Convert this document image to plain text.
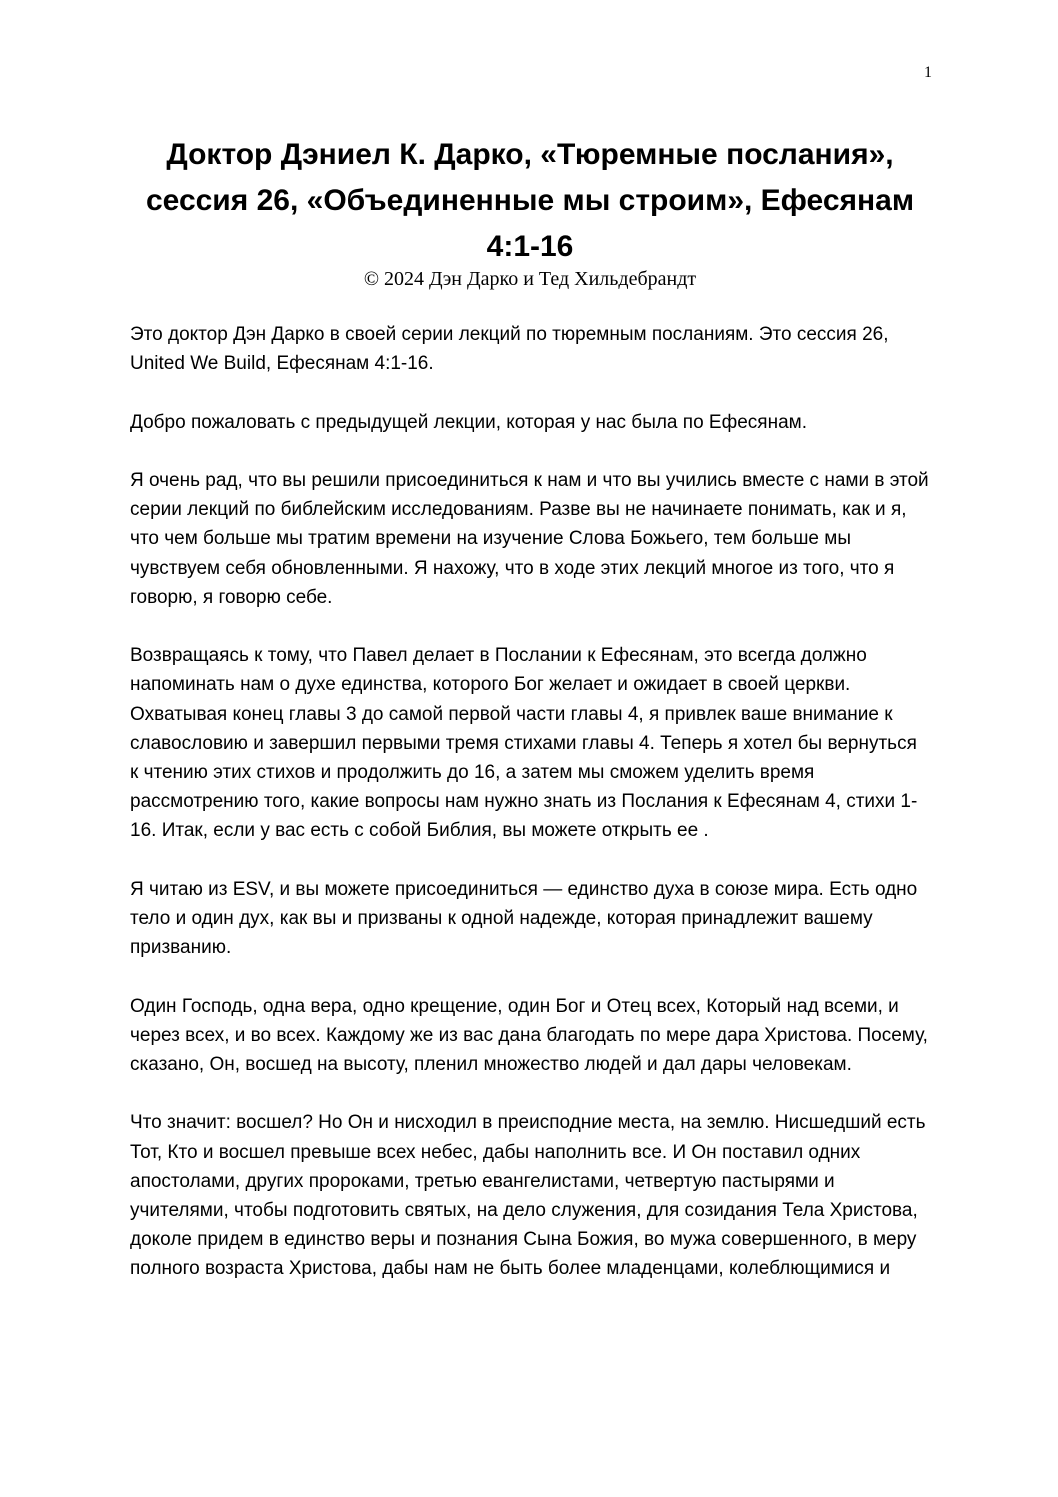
1
Доктор Дэниел К. Дарко, «Тюремные послания», сессия 26, «Объединенные мы строим», Ефесянам 4:1-16
© 2024 Дэн Дарко и Тед Хильдебрандт

Это доктор Дэн Дарко в своей серии лекций по тюремным посланиям. Это сессия 26, United We Build, Ефесянам 4:1-16.

Добро пожаловать с предыдущей лекции, которая у нас была по Ефесянам.

Я очень рад, что вы решили присоединиться к нам и что вы учились вместе с нами в этой серии лекций по библейским исследованиям. Разве вы не начинаете понимать, как и я, что чем больше мы тратим времени на изучение Слова Божьего, тем больше мы чувствуем себя обновленными. Я нахожу, что в ходе этих лекций многое из того, что я говорю, я говорю себе.

Возвращаясь к тому, что Павел делает в Послании к Ефесянам, это всегда должно напоминать нам о духе единства, которого Бог желает и ожидает в своей церкви. Охватывая конец главы 3 до самой первой части главы 4, я привлек ваше внимание к славословию и завершил первыми тремя стихами главы 4. Теперь я хотел бы вернуться к чтению этих стихов и продолжить до 16, а затем мы сможем уделить время рассмотрению того, какие вопросы нам нужно знать из Послания к Ефесянам 4, стихи 1-16. Итак, если у вас есть с собой Библия, вы можете открыть ее .

Я читаю из ESV, и вы можете присоединиться — единство духа в союзе мира. Есть одно тело и один дух, как вы и призваны к одной надежде, которая принадлежит вашему призванию.

Один Господь, одна вера, одно крещение, один Бог и Отец всех, Который над всеми, и через всех, и во всех. Каждому же из вас дана благодать по мере дара Христова. Посему, сказано, Он, восшед на высоту, пленил множество людей и дал дары человекам.

Что значит: восшел? Но Он и нисходил в преисподние места, на землю. Нисшедший есть Тот, Кто и восшел превыше всех небес, дабы наполнить все. И Он поставил одних апостолами, других пророками, третью евангелистами, четвертую пастырями и учителями, чтобы подготовить святых, на дело служения, для созидания Тела Христова, доколе придем в единство веры и познания Сына Божия, во мужа совершенного, в меру полного возраста Христова, дабы нам не быть более младенцами, колеблющимися и
